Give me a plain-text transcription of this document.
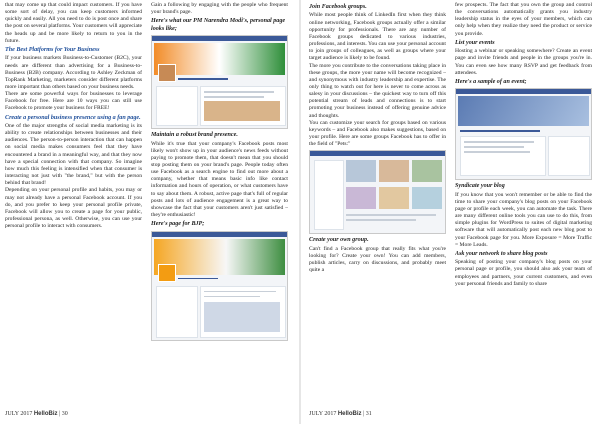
that may come up that could impact customers. If you have some sort of delay, you can keep customers informed quickly and easily. All you need to do is post once and share the post on several platforms. Your customers will appreciate the heads up and be more likely to return to you in the future.

The Best Platforms for Your Business

If your business markets Business-to-Customer (B2C), your needs are different than advertising for a Business-to-Business (B2B) company. According to Ashley Zeckman of TopRank Marketing, marketers consider different platforms more important than others based on your business needs.

There are some powerful ways for businesses to leverage Facebook for free. Here are 10 ways you can still use Facebook to promote your business for FREE!

Create a personal business presence using a fan page.

One of the major strengths of social media marketing is its ability to create relationships between businesses and their audiences. The person-to-person interaction that can happen on social media makes consumers feel that they have encountered a brand in a meaningful way, and that they now have a special connection with that company. So imagine how much this feeling is intensified when that consumer is interacting not just with "the brand," but with the person behind that brand!

Depending on your personal profile and habits, you may or may not already have a personal Facebook account. If you do, and you prefer to keep your personal profile private, Facebook will allow you to create a page for your public, professional persona, as well. Otherwise, you can use your personal profile to interact with consumers.

Gain a following by engaging with the people who frequent your brand's page.

Here's what our PM Narendra Modi's, personal page looks like;
Maintain a robust brand presence.

While it's true that your company's Facebook posts most likely won't show up in your audience's news feeds without paying to promote them, that doesn't mean that you should stop posting them on your brand's page. People today often use Facebook as a search engine to find out more about a company, whether that means basic info like contact information and hours of operation, or what customers have to say about them. A robust, active page that's full of regular posts and lots of audience engagement is a great way to showcase the fact that your customers aren't just satisfied – they're enthusiastic!

Here's page for BJP;
JULY 2017 HelloBiz | 30
Join Facebook groups.

While most people think of LinkedIn first when they think online networking, Facebook groups actually offer a similar opportunity for professionals. There are any number of Facebook groups dedicated to various industries, professions, and interests. You can use your personal account to join groups of colleagues, as well as groups where your target audience is likely to be found.

The more you contribute to the conversations taking place in these groups, the more your name will become recognized – and synonymous with industry leadership and expertise. The only thing to watch out for here is never to come across as salesy in your discussions – the quickest way to turn off this potential stream of leads and connections is to start promoting your business instead of offering genuine advice and thoughts.

You can customize your search for groups based on various keywords – and Facebook also makes suggestions, based on your profile. Here are some groups Facebook has to offer in the field of "Pets:"

Create your own group.

Can't find a Facebook group that really fits what you're looking for? Create your own! You can add members, publish articles, carry on discussions, and probably meet quite a

few prospects. The fact that you own the group and control the conversations automatically grants you industry leadership status in the eyes of your members, which can only help when they realize they need the product or service you provide.

List your events

Hosting a webinar or speaking somewhere? Create an event page and invite friends and people in the groups you're in. You can even see how many RSVP and get feedback from attendees.

Here's a sample of an event;
Syndicate your blog

If you know that you won't remember or be able to find the time to share your company's blog posts on your Facebook page or profile each week, you can automate the task. There are many different online tools you can use to do this, from simple plugins for WordPress to suites of digital marketing software that will automatically post each new blog post to your Facebook page for you. More Exposure = More Traffic = More Leads.

Ask your network to share blog posts

Speaking of posting your company's blog posts on your personal page or profile, you should also ask your team of employees and partners, your current customers, and even your personal friends and family to share

JULY 2017 HelloBiz | 31
